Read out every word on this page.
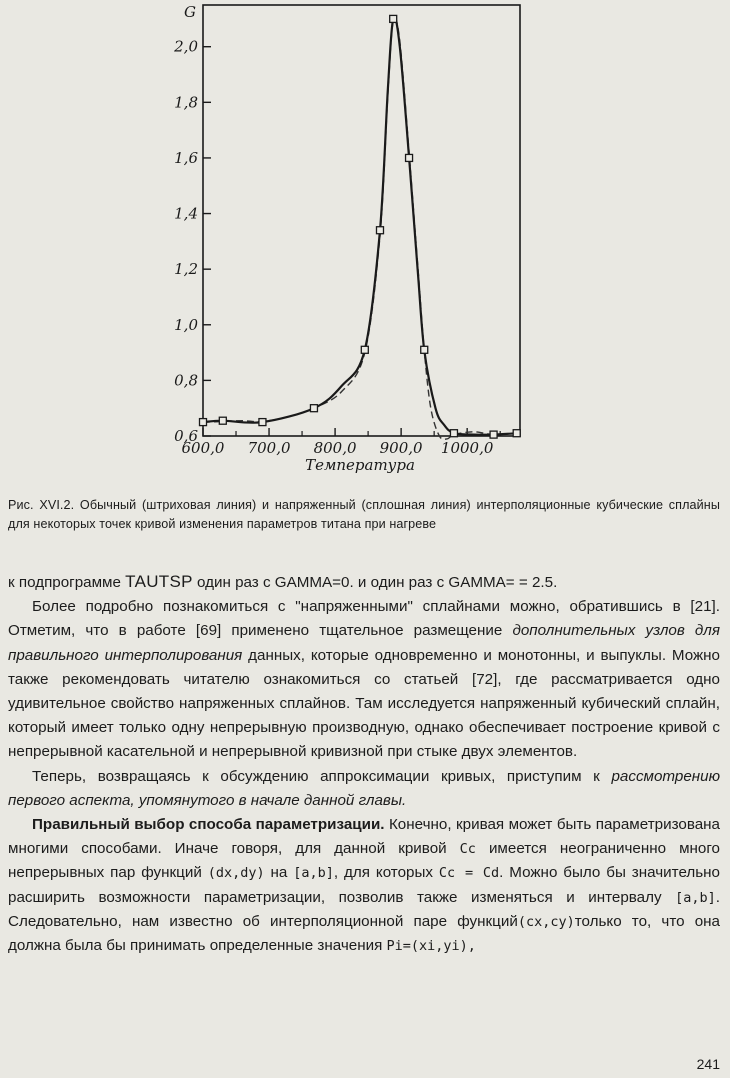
0,6
0,8
1,0
1,2
1,4
1,6
1,8
2,0
600,0 700,0 800,0 900,0 1000,0
G
Температура
Рис. XVI.2. Обычный (штриховая линия) и напряженный (сплошная линия) интерполяционные кубические сплайны для некоторых точек кривой изменения параметров титана при нагреве

к подпрограмме TAUTSP один раз с GAMMA=0. и один раз с GAMMA= = 2.5.

Более подробно познакомиться с "напряженными" сплайнами можно, обратившись в [21]. Отметим, что в работе [69] применено тщательное размещение дополнительных узлов для правильного интерполирования данных, которые одновременно и монотонны, и выпуклы. Можно также рекомендовать читателю ознакомиться со статьей [72], где рассматривается одно удивительное свойство напряженных сплайнов. Там исследуется напряженный кубический сплайн, который имеет только одну непрерывную производную, однако обеспечивает построение кривой с непрерывной касательной и непрерывной кривизной при стыке двух элементов.

Теперь, возвращаясь к обсуждению аппроксимации кривых, приступим к рассмотрению первого аспекта, упомянутого в начале данной главы.

Правильный выбор способа параметризации. Конечно, кривая может быть параметризована многими способами. Иначе говоря, для данной кривой Cc имеется неограниченно много непрерывных пар функций (dx,dy) на [a,b], для которых Cc = Cd. Можно было бы значительно расширить возможности параметризации, позволив также изменяться и интервалу [a,b]. Следовательно, нам известно об интерполяционной паре функций(cx,cy)только то, что она должна была бы принимать определенные значения Pi=(xi,yi),

241
